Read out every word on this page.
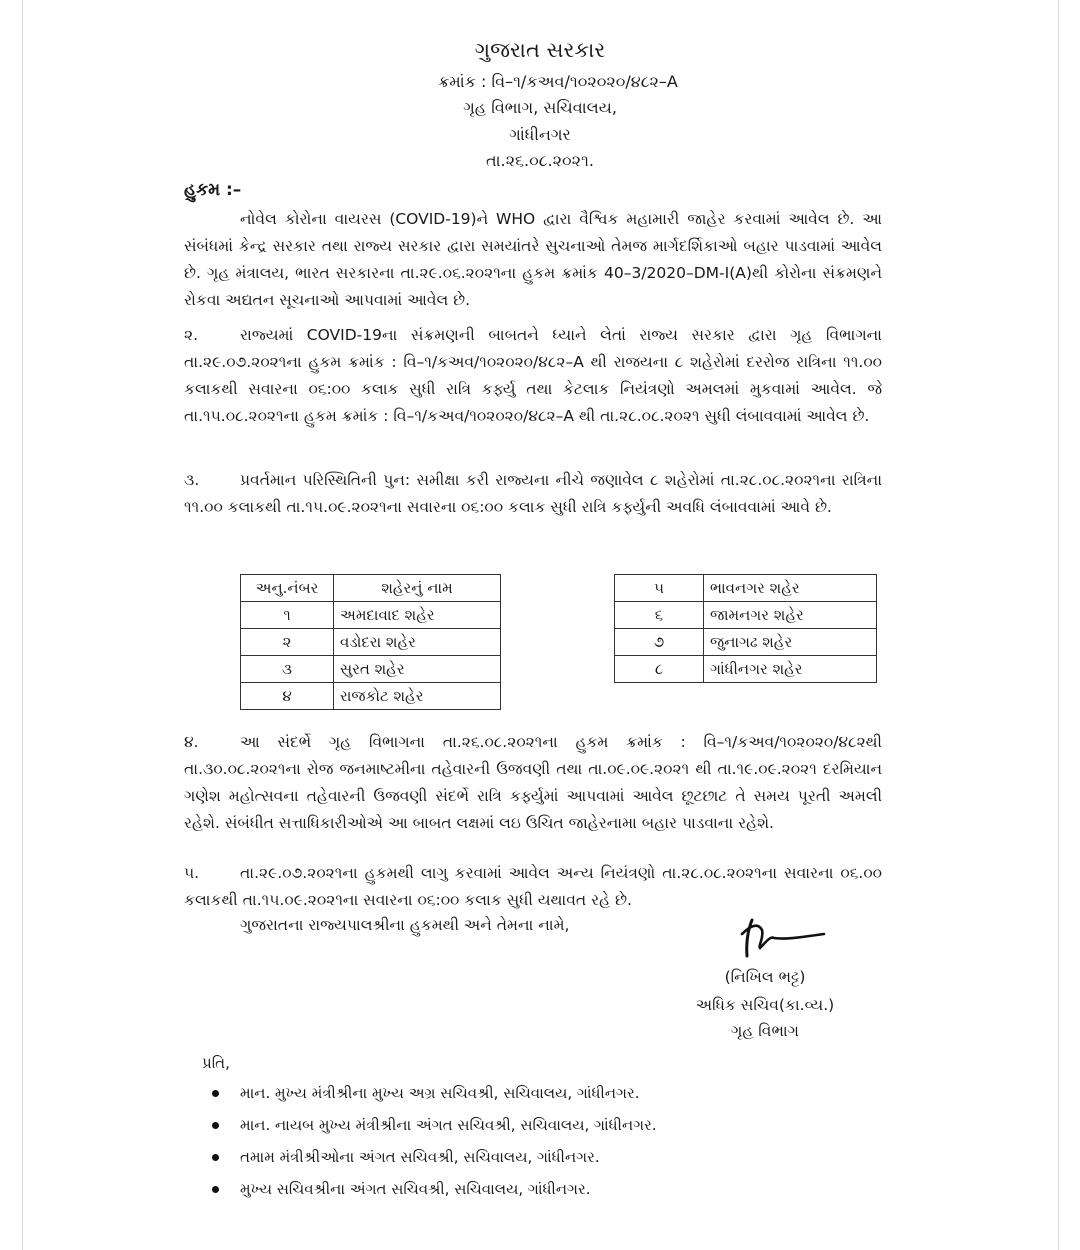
ગુજરાત સરકાર
ક્રમાંક : વિ–૧/કઅવ/૧૦૨૦૨૦/૪૮૨–A
ગૃહ વિભાગ, સચિવાલય,
ગાંધીનગર
તા.૨૬.૦૮.૨૦૨૧.
હુકમ :–
નોવેલ કોરોના વાયરસ (COVID-19)ને WHO દ્વારા વૈશ્વિક મહામારી જાહેર કરવામાં આવેલ છે. આ સંબંધમાં કેન્દ્ર સરકાર તથા રાજ્ય સરકાર દ્વારા સમયાંતરે સુચનાઓ તેમજ માર્ગદર્શિકાઓ બહાર પાડવામાં આવેલ છે. ગૃહ મંત્રાલય, ભારત સરકારના તા.૨૯.૦૬.૨૦૨૧ના હુકમ ક્રમાંક 40–3/2020–DM-I(A)થી કોરોના સંક્રમણને રોકવા અદ્યતન સૂચનાઓ આપવામાં આવેલ છે.
૨.	રાજ્યમાં COVID-19ના સંક્રમણની બાબતને ધ્યાને લેતાં રાજ્ય સરકાર દ્વારા ગૃહ વિભાગના તા.૨૯.૦૭.૨૦૨૧ના હુકમ ક્રમાંક : વિ–૧/કઅવ/૧૦૨૦૨૦/૪૮૨–A થી રાજયના ૮ શહેરોમાં દરરોજ રાત્રિના ૧૧.૦૦ કલાકથી સવારના ૦૬:૦૦ કલાક સુધી રાત્રિ કર્ફ્યુ તથા કેટલાક નિયંત્રણો અમલમાં મુકવામાં આવેલ. જે તા.૧૫.૦૮.૨૦૨૧ના હુકમ ક્રમાંક : વિ–૧/કઅવ/૧૦૨૦૨૦/૪૮૨–A થી તા.૨૮.૦૮.૨૦૨૧ સુધી લંબાવવામાં આવેલ છે.
૩.	પ્રવર્તમાન પરિસ્થિતિની પુન: સમીક્ષા કરી રાજ્યના નીચે જણાવેલ ૮ શહેરોમાં તા.૨૮.૦૮.૨૦૨૧ના રાત્રિના ૧૧.૦૦ કલાકથી તા.૧૫.૦૯.૨૦૨૧ના સવારના ૦૬:૦૦ કલાક સુધી રાત્રિ કર્ફ્યુની અવધિ લંબાવવામાં આવે છે.
અનુ.નંબર	શહેરનું નામ
૧	અમદાવાદ શહેર
૨	વડોદરા શહેર
૩	સુરત શહેર
૪	રાજકોટ શહેર
૫	ભાવનગર શહેર
૬	જામનગર શહેર
૭	જુનાગઢ શહેર
૮	ગાંધીનગર શહેર
૪.	આ સંદર્ભે ગૃહ વિભાગના તા.૨૬.૦૮.૨૦૨૧ના હુકમ ક્રમાંક : વિ–૧/કઅવ/૧૦૨૦૨૦/૪૮૨થી તા.૩૦.૦૮.૨૦૨૧ના રોજ જનમાષ્ટમીના તહેવારની ઉજવણી તથા તા.૦૯.૦૯.૨૦૨૧ થી તા.૧૯.૦૯.૨૦૨૧ દરમિયાન ગણેશ મહોત્સવના તહેવારની ઉજવણી સંદર્ભે રાત્રિ કર્ફ્યુમાં આપવામાં આવેલ છૂટછાટ તે સમય પૂરતી અમલી રહેશે. સંબંધીત સત્તાધિકારીઓએ આ બાબત લક્ષમાં લઇ ઉચિત જાહેરનામા બહાર પાડવાના રહેશે.
૫.	તા.૨૯.૦૭.૨૦૨૧ના હુકમથી લાગુ કરવામાં આવેલ અન્ય નિયંત્રણો તા.૨૮.૦૮.૨૦૨૧ના સવારના ૦૬.૦૦ કલાકથી તા.૧૫.૦૯.૨૦૨૧ના સવારના ૦૬:૦૦ કલાક સુધી યથાવત રહે છે.
ગુજરાતના રાજ્યપાલશ્રીના હુકમથી અને તેમના નામે,
(નિખિલ ભટ્ટ)
અધિક સચિવ(કા.વ્ય.)
ગૃહ વિભાગ
પ્રતિ,
માન. મુખ્ય મંત્રીશ્રીના મુખ્ય અગ્ર સચિવશ્રી, સચિવાલય, ગાંધીનગર.
માન. નાયબ મુખ્ય મંત્રીશ્રીના અંગત સચિવશ્રી, સચિવાલય, ગાંધીનગર.
તમામ મંત્રીશ્રીઓના અંગત સચિવશ્રી, સચિવાલય, ગાંધીનગર.
મુખ્ય સચિવશ્રીના અંગત સચિવશ્રી, સચિવાલય, ગાંધીનગર.
